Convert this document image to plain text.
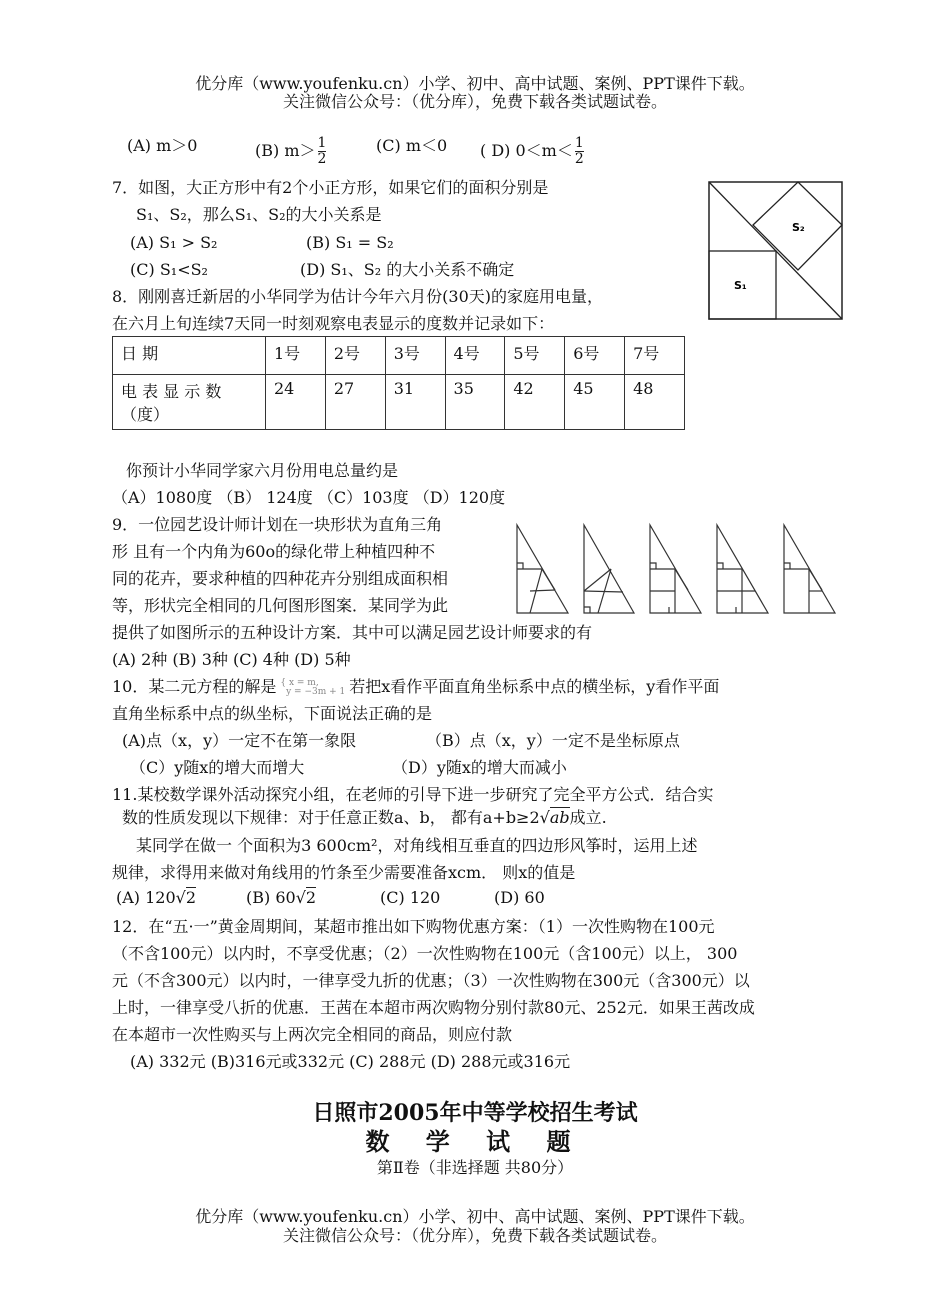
优分库（www.youfenku.cn）小学、初中、高中试题、案例、PPT课件下载。
关注微信公众号：（优分库），免费下载各类试题试卷。
(A) m＞0	(B) $m> \frac{1}{2}$	(C) m＜0 ( D) $0<m< \frac{1}{2}$
7．如图，大正方形中有2个小正方形，如果它们的面积分别是
S₁、S₂，那么S₁、S₂的大小关系是
(A) S₁ > S₂	(B) S₁ = S₂
(C) S₁<S₂	(D) S₁、S₂ 的大小关系不确定
S₁
S₂
8．刚刚喜迁新居的小华同学为估计今年六月份(30天)的家庭用电量，
在六月上旬连续7天同一时刻观察电表显示的度数并记录如下：
日 期	1号	2号	3号	4号	5号	6号	7号

电 表 显 示 数
（度）	24	27	31	35	42	45	48
你预计小华同学家六月份用电总量约是
（A）1080度 （B） 124度 （C）103度 （D）120度
9．一位园艺设计师计划在一块形状为直角三角
形 且有一个内角为60o的绿化带上种植四种不
同的花卉，要求种植的四种花卉分别组成面积相
等，形状完全相同的几何图形图案．某同学为此
提供了如图所示的五种设计方案．其中可以满足园艺设计师要求的有
(A) 2种 (B) 3种 (C) 4种 (D) 5种
10．某二元方程的解是 { x = m,
y = −3m + 1 若把x看作平面直角坐标系中点的横坐标，y看作平面
直角坐标系中点的纵坐标，下面说法正确的是
(A)点（x，y）一定不在第一象限	（B）点（x，y）一定不是坐标原点
（C）y随x的增大而增大	（D）y随x的增大而减小
11.某校数学课外活动探究小组，在老师的引导下进一步研究了完全平方公式．结合实
数的性质发现以下规律：对于任意正数a、b， 都有a+b≥2√ab成立.
某同学在做一 个面积为3 600cm²，对角线相互垂直的四边形风筝时，运用上述
规律，求得用来做对角线用的竹条至少需要准备xcm． 则x的值是
(A) 120√2	(B) 60√2	(C) 120	(D) 60
12．在“五·一”黄金周期间，某超市推出如下购物优惠方案：（1）一次性购物在100元
（不含100元）以内时，不享受优惠；（2）一次性购物在100元（含100元）以上， 300
元（不含300元）以内时，一律享受九折的优惠；（3）一次性购物在300元（含300元）以
上时，一律享受八折的优惠．王茜在本超市两次购物分别付款80元、252元．如果王茜改成
在本超市一次性购买与上两次完全相同的商品，则应付款
(A) 332元 (B)316元或332元 (C) 288元 (D) 288元或316元
日照市2005年中等学校招生考试
数 学 试 题
第Ⅱ卷（非选择题 共80分）
优分库（www.youfenku.cn）小学、初中、高中试题、案例、PPT课件下载。
关注微信公众号：（优分库），免费下载各类试题试卷。
